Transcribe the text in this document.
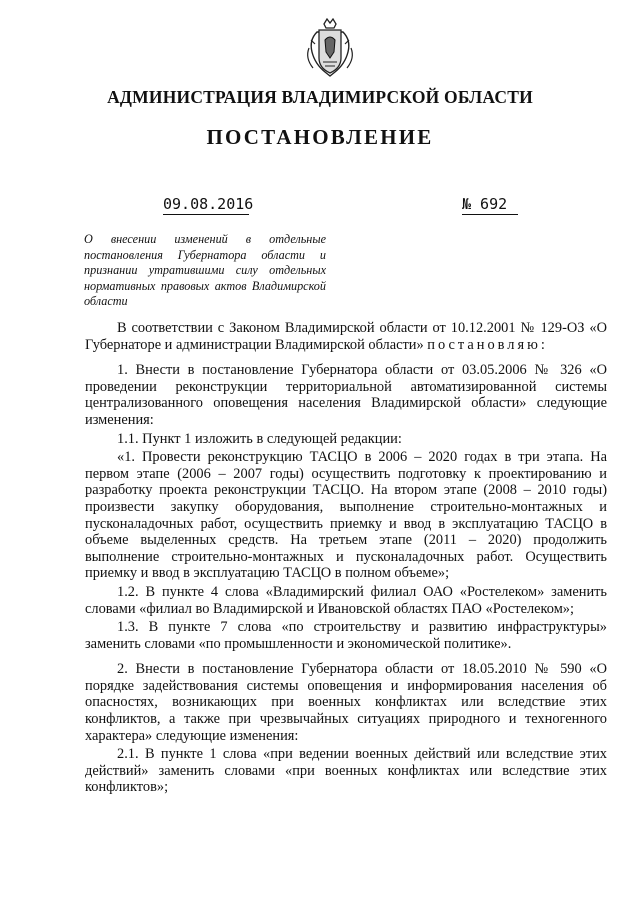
АДМИНИСТРАЦИЯ ВЛАДИМИРСКОЙ ОБЛАСТИ
ПОСТАНОВЛЕНИЕ
09.08.2016	№ 692
О внесении изменений в отдельные постановления Губернатора области и признании утратившими силу отдельных нормативных правовых актов Владимирской области

В соответствии с Законом Владимирской области от 10.12.2001 № 129-ОЗ «О Губернаторе и администрации Владимирской области» постановляю:

1. Внести в постановление Губернатора области от 03.05.2006 № 326 «О проведении реконструкции территориальной автоматизированной системы централизованного оповещения населения Владимирской области» следующие изменения:

1.1. Пункт 1 изложить в следующей редакции:

«1. Провести реконструкцию ТАСЦО в 2006 – 2020 годах в три этапа. На первом этапе (2006 – 2007 годы) осуществить подготовку к проектированию и разработку проекта реконструкции ТАСЦО. На втором этапе (2008 – 2010 годы) произвести закупку оборудования, выполнение строительно-монтажных и пусконаладочных работ, осуществить приемку и ввод в эксплуатацию ТАСЦО в объеме выделенных средств. На третьем этапе (2011 – 2020) продолжить выполнение строительно-монтажных и пусконаладочных работ. Осуществить приемку и ввод в эксплуатацию ТАСЦО в полном объеме»;

1.2. В пункте 4 слова «Владимирский филиал ОАО «Ростелеком» заменить словами «филиал во Владимирской и Ивановской областях ПАО «Ростелеком»;

1.3. В пункте 7 слова «по строительству и развитию инфраструктуры» заменить словами «по промышленности и экономической политике».

2. Внести в постановление Губернатора области от 18.05.2010 № 590 «О порядке задействования системы оповещения и информирования населения об опасностях, возникающих при военных конфликтах или вследствие этих конфликтов, а также при чрезвычайных ситуациях природного и техногенного характера» следующие изменения:

2.1. В пункте 1 слова «при ведении военных действий или вследствие этих действий» заменить словами «при военных конфликтах или вследствие этих конфликтов»;
